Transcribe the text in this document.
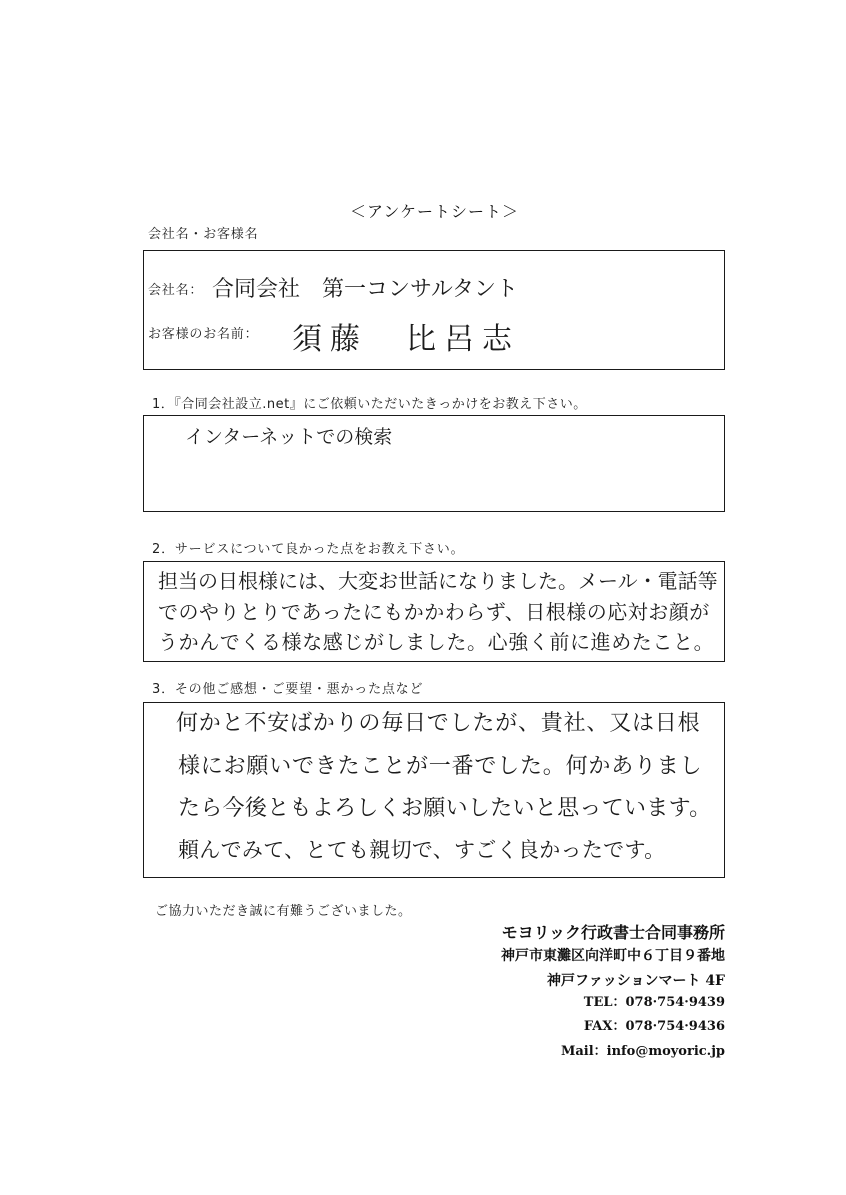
＜アンケートシート＞
会社名・お客様名
会社名： 合同会社　第一コンサルタント
お客様のお名前： 須藤　比呂志
1．『合同会社設立.net』にご依頼いただいたきっかけをお教え下さい。
インターネットでの検索
2．サービスについて良かった点をお教え下さい。
担当の日根様には、大変お世話になりました。メール・電話等
でのやりとりであったにもかかわらず、日根様の応対お顔が
うかんでくる様な感じがしました。心強く前に進めたこと。
3．その他ご感想・ご要望・悪かった点など
何かと不安ばかりの毎日でしたが、貴社、又は日根
様にお願いできたことが一番でした。何かありまし
たら今後ともよろしくお願いしたいと思っています。
頼んでみて、とても親切で、すごく良かったです。
ご協力いただき誠に有難うございました。
モヨリック行政書士合同事務所
神戸市東灘区向洋町中６丁目９番地
神戸ファッションマート 4F
TEL：078·754·9439
FAX：078·754·9436
Mail：info@moyoric.jp
